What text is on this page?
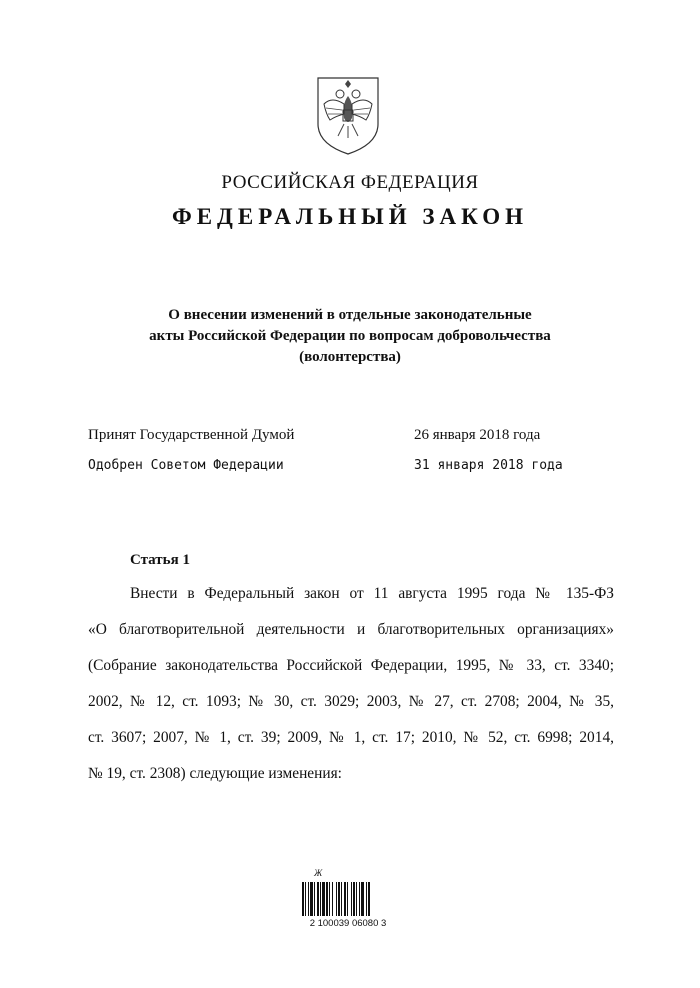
РОССИЙСКАЯ ФЕДЕРАЦИЯ
ФЕДЕРАЛЬНЫЙ ЗАКОН
О внесении изменений в отдельные законодательные
акты Российской Федерации по вопросам добровольчества
(волонтерства)
Принят Государственной Думой	26 января 2018 года
Одобрен Советом Федерации	31 января 2018 года
Статья 1
Внести в Федеральный закон от 11 августа 1995 года № 135-ФЗ
«О благотворительной деятельности и благотворительных организациях»
(Собрание законодательства Российской Федерации, 1995, № 33, ст. 3340;
2002, № 12, ст. 1093; № 30, ст. 3029; 2003, № 27, ст. 2708; 2004, № 35,
ст. 3607; 2007, № 1, ст. 39; 2009, № 1, ст. 17; 2010, № 52, ст. 6998; 2014,
№ 19, ст. 2308) следующие изменения:
Ж
2 100039 06080 3
